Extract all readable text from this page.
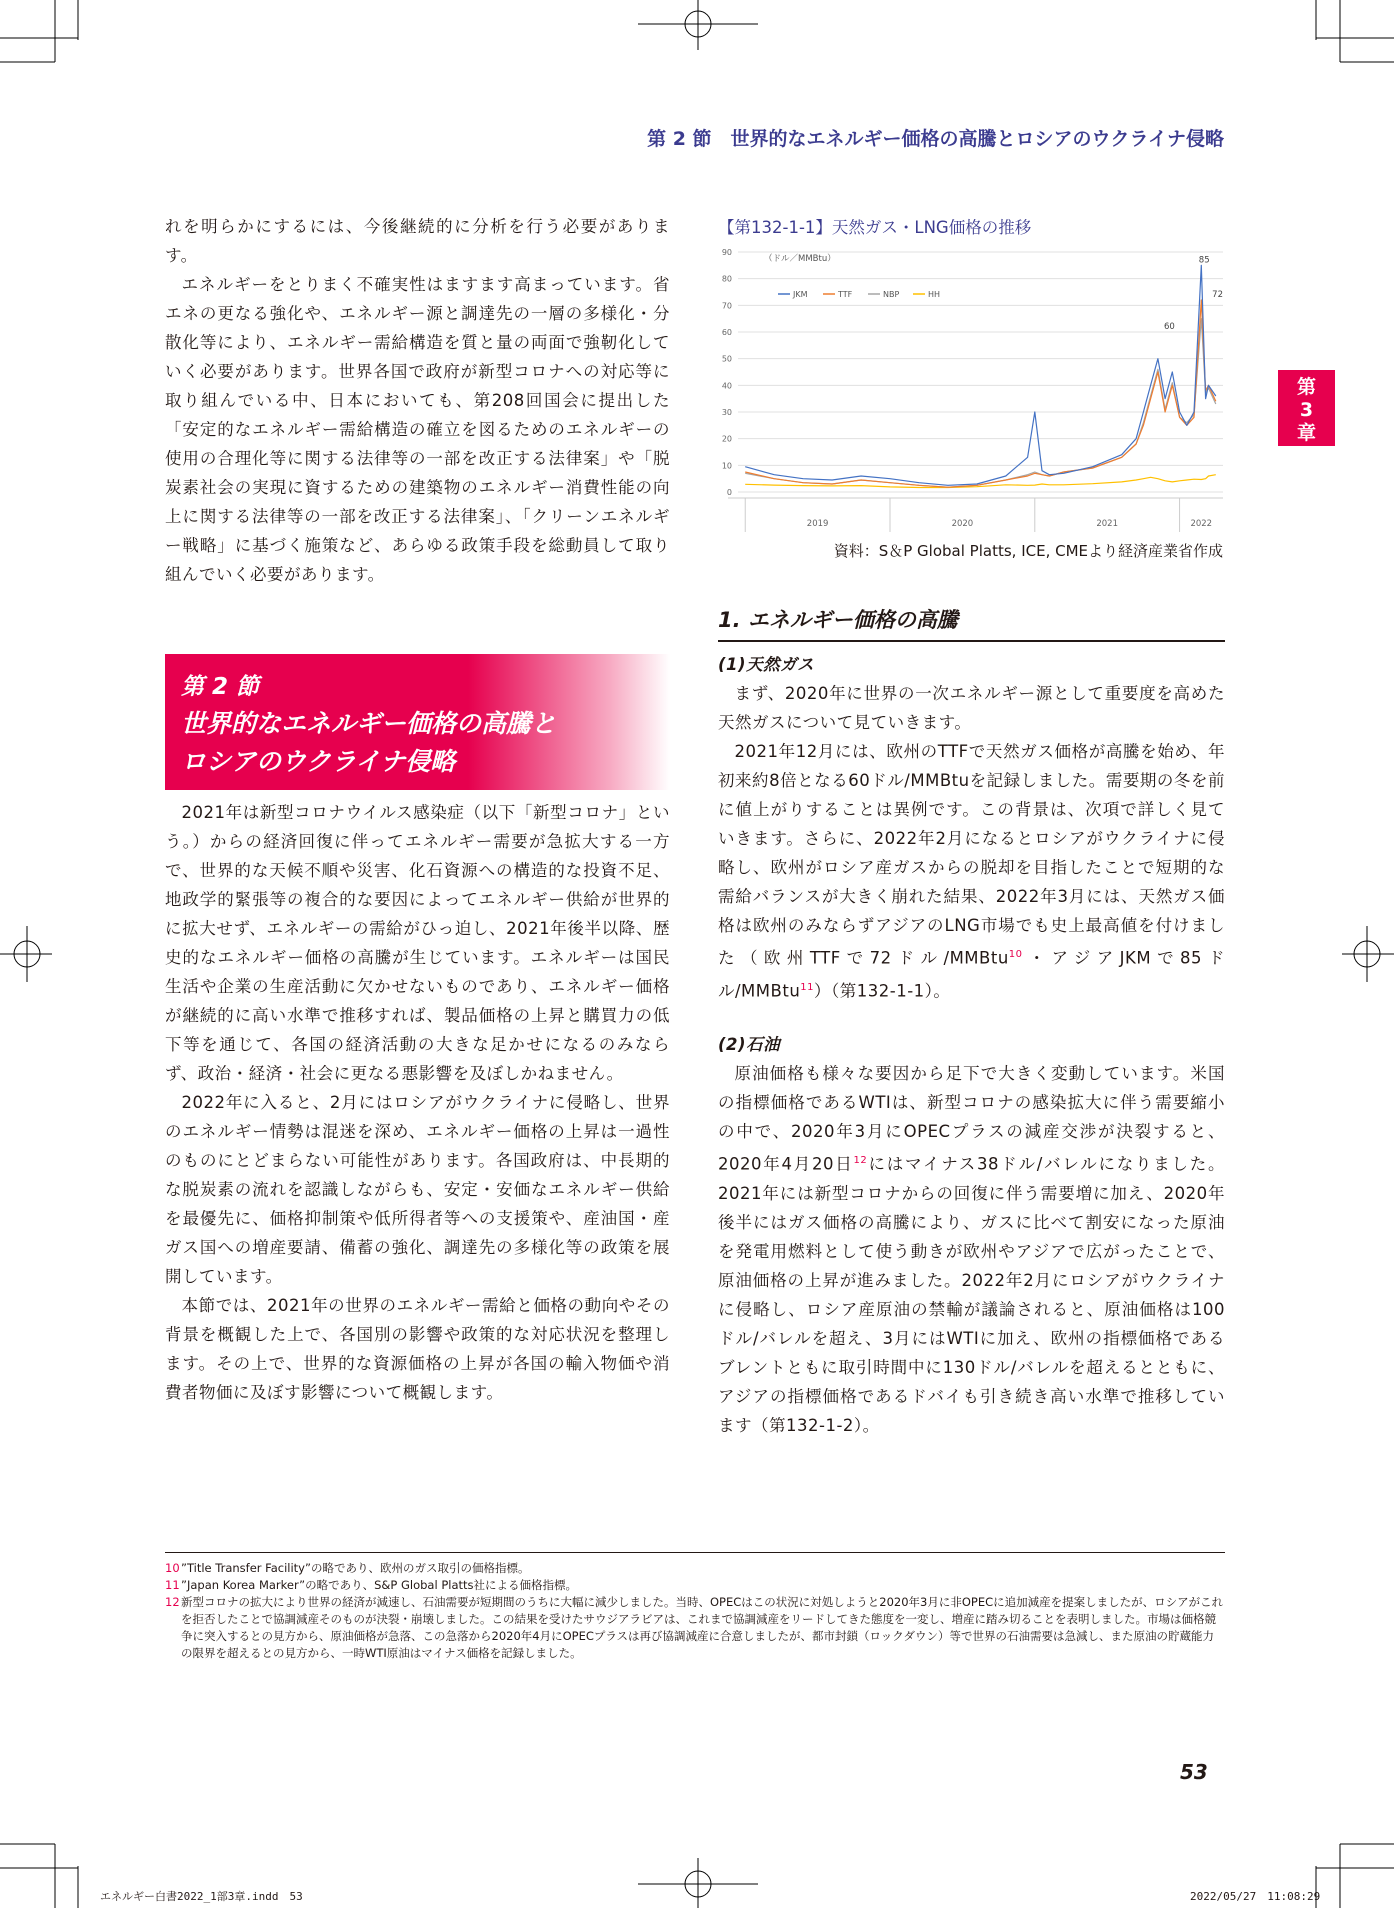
第 2 節　世界的なエネルギー価格の高騰とロシアのウクライナ侵略

れを明らかにするには、今後継続的に分析を行う必要があります。

エネルギーをとりまく不確実性はますます高まっています。省エネの更なる強化や、エネルギー源と調達先の一層の多様化・分散化等により、エネルギー需給構造を質と量の両面で強靭化していく必要があります。世界各国で政府が新型コロナへの対応等に取り組んでいる中、日本においても、第208回国会に提出した「安定的なエネルギー需給構造の確立を図るためのエネルギーの使用の合理化等に関する法律等の一部を改正する法律案」や「脱炭素社会の実現に資するための建築物のエネルギー消費性能の向上に関する法律等の一部を改正する法律案」、「クリーンエネルギー戦略」に基づく施策など、あらゆる政策手段を総動員して取り組んでいく必要があります。

第 2 節
世界的なエネルギー価格の高騰と
ロシアのウクライナ侵略

2021年は新型コロナウイルス感染症（以下「新型コロナ」という。）からの経済回復に伴ってエネルギー需要が急拡大する一方で、世界的な天候不順や災害、化石資源への構造的な投資不足、地政学的緊張等の複合的な要因によってエネルギー供給が世界的に拡大せず、エネルギーの需給がひっ迫し、2021年後半以降、歴史的なエネルギー価格の高騰が生じています。エネルギーは国民生活や企業の生産活動に欠かせないものであり、エネルギー価格が継続的に高い水準で推移すれば、製品価格の上昇と購買力の低下等を通じて、各国の経済活動の大きな足かせになるのみならず、政治・経済・社会に更なる悪影響を及ぼしかねません。

2022年に入ると、2月にはロシアがウクライナに侵略し、世界のエネルギー情勢は混迷を深め、エネルギー価格の上昇は一過性のものにとどまらない可能性があります。各国政府は、中長期的な脱炭素の流れを認識しながらも、安定・安価なエネルギー供給を最優先に、価格抑制策や低所得者等への支援策や、産油国・産ガス国への増産要請、備蓄の強化、調達先の多様化等の政策を展開しています。

本節では、2021年の世界のエネルギー需給と価格の動向やその背景を概観した上で、各国別の影響や政策的な対応状況を整理します。その上で、世界的な資源価格の上昇が各国の輸入物価や消費者物価に及ぼす影響について概観します。

第
3
章
【第132-1-1】天然ガス・LNG価格の推移
90
80
70
60
50
40
30
20
10
0
2019	2020	2021	2022
（ドル／MMBtu）
JKM	TTF	NBP	HH
85
72
60
資料：S＆P Global Platts, ICE, CMEより経済産業省作成
1. エネルギー価格の高騰

(1)天然ガス

まず、2020年に世界の一次エネルギー源として重要度を高めた天然ガスについて見ていきます。

2021年12月には、欧州のTTFで天然ガス価格が高騰を始め、年初来約8倍となる60ドル/MMBtuを記録しました。需要期の冬を前に値上がりすることは異例です。この背景は、次項で詳しく見ていきます。さらに、2022年2月になるとロシアがウクライナに侵略し、欧州がロシア産ガスからの脱却を目指したことで短期的な需給バランスが大きく崩れた結果、2022年3月には、天然ガス価格は欧州のみならずアジアのLNG市場でも史上最高値を付けました（欧州TTFで72ドル/MMBtu$^{10}$・アジアJKMで85ドル/MMBtu$^{11}$）（第132-1-1）。

(2)石油

原油価格も様々な要因から足下で大きく変動しています。米国の指標価格であるWTIは、新型コロナの感染拡大に伴う需要縮小の中で、2020年3月にOPECプラスの減産交渉が決裂すると、2020年4月20日$^{12}$にはマイナス38ドル/バレルになりました。2021年には新型コロナからの回復に伴う需要増に加え、2020年後半にはガス価格の高騰により、ガスに比べて割安になった原油を発電用燃料として使う動きが欧州やアジアで広がったことで、原油価格の上昇が進みました。2022年2月にロシアがウクライナに侵略し、ロシア産原油の禁輸が議論されると、原油価格は100ドル/バレルを超え、3月にはWTIに加え、欧州の指標価格であるブレントともに取引時間中に130ドル/バレルを超えるとともに、アジアの指標価格であるドバイも引き続き高い水準で推移しています（第132-1-2）。

10 ”Title Transfer Facility”の略であり、欧州のガス取引の価格指標。
11 ”Japan Korea Marker”の略であり、S&P Global Platts社による価格指標。
12 新型コロナの拡大により世界の経済が減速し、石油需要が短期間のうちに大幅に減少しました。当時、OPECはこの状況に対処しようと2020年3月に非OPECに追加減産を提案しましたが、ロシアがこれを拒否したことで協調減産そのものが決裂・崩壊しました。この結果を受けたサウジアラビアは、これまで協調減産をリードしてきた態度を一変し、増産に踏み切ることを表明しました。市場は価格競争に突入するとの見方から、原油価格が急落、この急落から2020年4月にOPECプラスは再び協調減産に合意しましたが、都市封鎖（ロックダウン）等で世界の石油需要は急減し、また原油の貯蔵能力の限界を超えるとの見方から、一時WTI原油はマイナス価格を記録しました。
53
エネルギー白書2022_1部3章.indd　53	2022/05/27　11:08:29
